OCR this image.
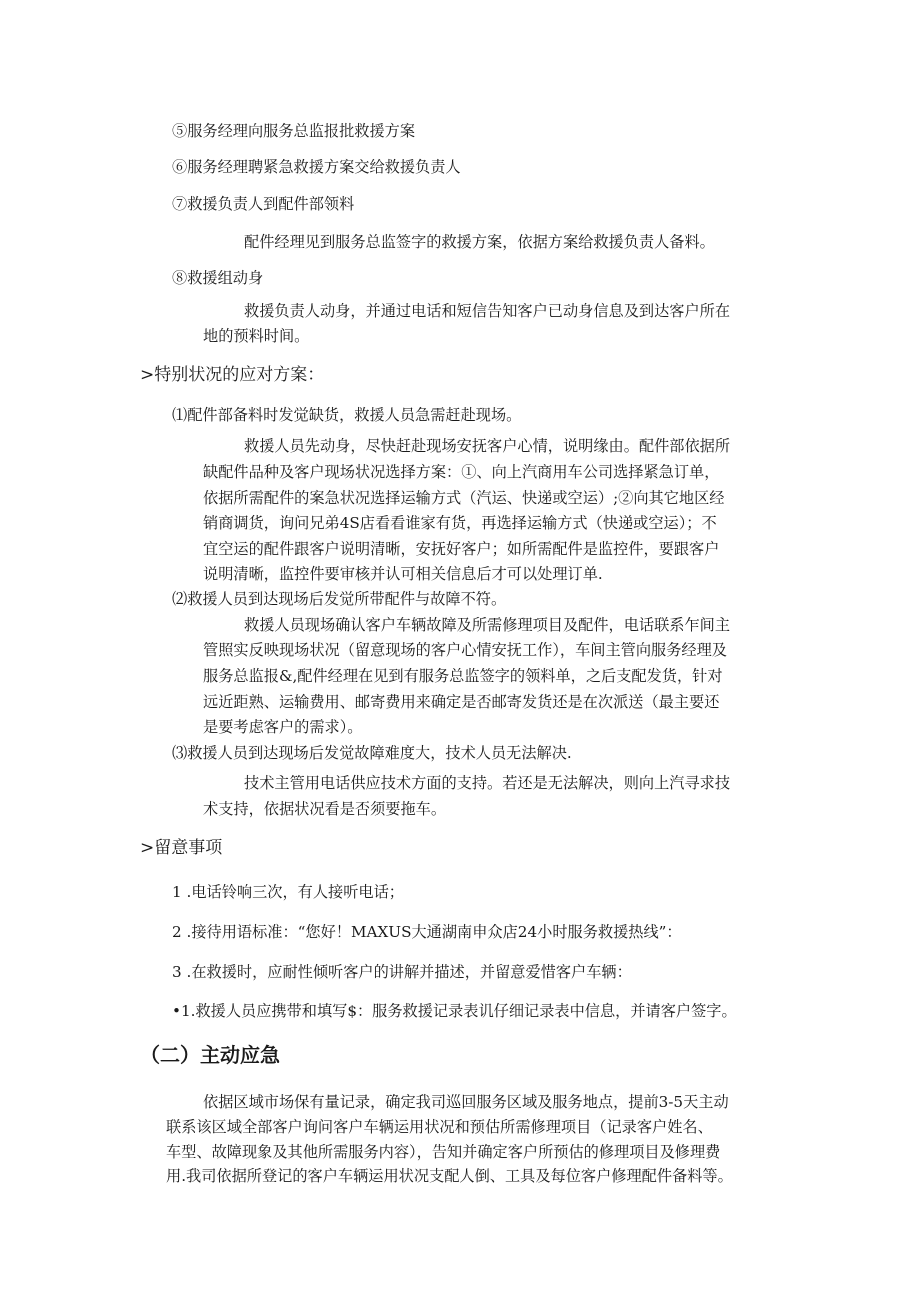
⑤服务经理向服务总监报批救援方案
⑥服务经理聘紧急救援方案交给救援负责人
⑦救援负责人到配件部领料
配件经理见到服务总监签字的救援方案，依据方案给救援负责人备料。
⑧救援组动身
救援负责人动身，并通过电话和短信告知客户已动身信息及到达客户所在
地的预料时间。
>特别状况的应对方案：
⑴配件部备料时发觉缺货，救援人员急需赶赴现场。
救援人员先动身，尽快赶赴现场安抚客户心情，说明缘由。配件部依据所
缺配件品种及客户现场状况选择方案：①、向上汽商用车公司选择紧急订单，
依据所需配件的案急状况选择运输方式（汽运、快递或空运）;②向其它地区经
销商调货，询问兄弟4S店看看谁家有货，再选择运输方式（快递或空运）；不
宜空运的配件跟客户说明清晰，安抚好客户；如所需配件是监控件，要跟客户
说明清晰，监控件要审核并认可相关信息后才可以处理订单.
⑵救援人员到达现场后发觉所带配件与故障不符。
救援人员现场确认客户车辆故障及所需修理项目及配件，电话联系乍间主
管照实反映现场状况（留意现场的客户心情安抚工作），车间主管向服务经理及
服务总监报&,配件经理在见到有服务总监签字的领料单，之后支配发货，针对
远近距熟、运输费用、邮寄费用来确定是否邮寄发货还是在次派送（最主要还
是要考虑客户的需求）。
⑶救援人员到达现场后发觉故障难度大，技术人员无法解决.
技术主管用电话供应技术方面的支持。若还是无法解决，则向上汽寻求技
术支持，依据状况看是否须要拖车。
>留意事项
1 .电话铃响三次，有人接听电话；
2 .接待用语标准：“您好！MAXUS大通湖南申众店24小时服务救援热线”：
3 .在救援时，应耐性倾听客户的讲解并描述，并留意爱惜客户车辆：
•1.救援人员应携带和填写$：服务救援记录表讥仔细记录表中信息，并请客户签字。
（二）主动应急
依据区域市场保有量记录，确定我司巡回服务区域及服务地点，提前3-5天主动
联系该区域全部客户询问客户车辆运用状况和预估所需修理项目（记录客户姓名、
车型、故障现象及其他所需服务内容），告知并确定客户所预估的修理项目及修理费
用.我司依据所登记的客户车辆运用状况支配人倒、工具及每位客户修理配件备料等。
